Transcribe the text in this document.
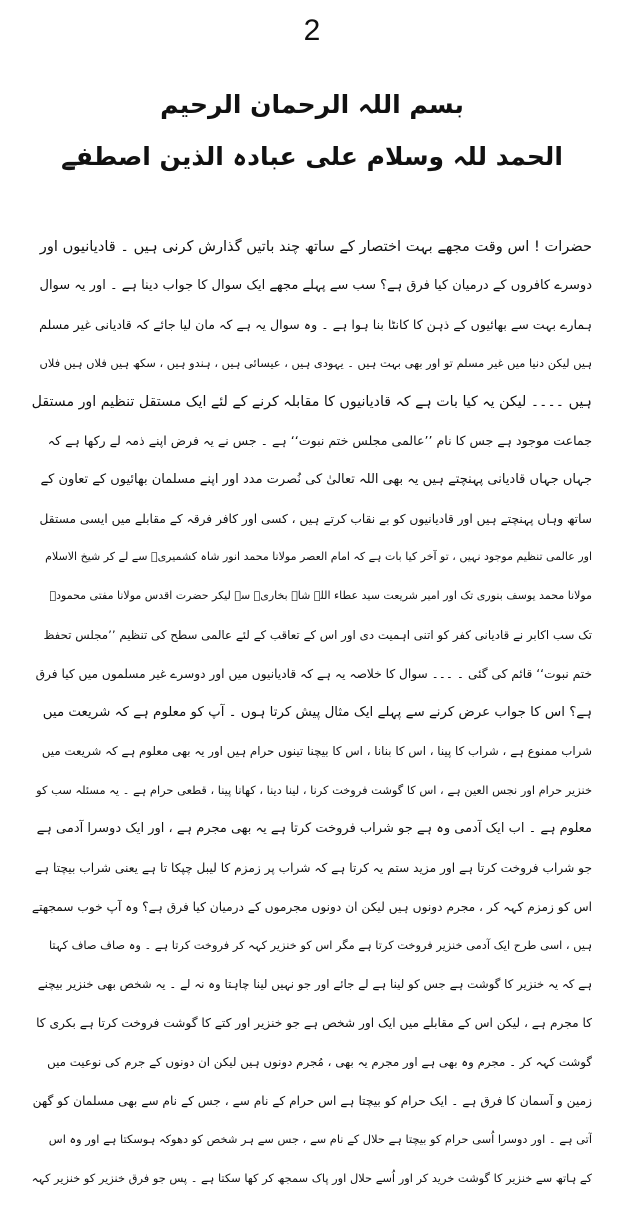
2
بسم اللہ الرحمان الرحیم
الحمد للہ وسلام علی عبادہ الذین اصطفے
حضرات ! اس وقت مجھے بہت اختصار کے ساتھ چند باتیں گذارش کرنی ہیں ۔ قادیانیوں اور
دوسرے کافروں کے درمیان کیا فرق ہے؟ سب سے پہلے مجھے ایک سوال کا جواب دینا ہے ۔ اور یہ سوال
ہمارے بہت سے بھائیوں کے ذہن کا کانٹا بنا ہوا ہے ۔ وہ سوال یہ ہے کہ مان لیا جائے کہ قادیانی غیر مسلم
ہیں لیکن دنیا میں غیر مسلم تو اور بھی بہت ہیں ۔ یہودی ہیں ، عیسائی ہیں ، ہندو ہیں ، سکھ ہیں فلاں ہیں فلاں
ہیں ۔۔۔۔ لیکن یہ کیا بات ہے کہ قادیانیوں کا مقابلہ کرنے کے لئے ایک مستقل تنظیم اور مستقل
جماعت موجود ہے جس کا نام ’’عالمی مجلس ختم نبوت‘‘ ہے ۔ جس نے یہ فرض اپنے ذمہ لے رکھا ہے کہ
جہاں جہاں قادیانی پہنچتے ہیں یہ بھی اللہ تعالیٰ کی نُصرت مدد اور اپنے مسلمان بھائیوں کے تعاون کے
ساتھ وہاں پہنچتے ہیں اور قادیانیوں کو بے نقاب کرتے ہیں ، کسی اور کافر فرقہ کے مقابلے میں ایسی مستقل
اور عالمی تنظیم موجود نہیں ، تو آخر کیا بات ہے کہ امام العصر مولانا محمد انور شاہ کشمیریؒ سے لے کر شیخ الاسلام
مولانا محمد یوسف بنوری تک اور امیر شریعت سید عطاء اللہ شاہ بخاریؒ سے لیکر حضرت اقدس مولانا مفتی محمودؒ
تک سب اکابر نے قادیانی کفر کو اتنی اہمیت دی اور اس کے تعاقب کے لئے عالمی سطح کی تنظیم ’’مجلس تحفظ
ختم نبوت‘‘ قائم کی گئی ۔ ۔۔۔ سوال کا خلاصہ یہ ہے کہ قادیانیوں میں اور دوسرے غیر مسلموں میں کیا فرق
ہے؟ اس کا جواب عرض کرنے سے پہلے ایک مثال پیش کرتا ہوں ۔ آپ کو معلوم ہے کہ شریعت میں
شراب ممنوع ہے ، شراب کا پینا ، اس کا بنانا ، اس کا بیچنا تینوں حرام ہیں اور یہ بھی معلوم ہے کہ شریعت میں
خنزیر حرام اور نجس العین ہے ، اس کا گوشت فروخت کرنا ، لینا دینا ، کھانا پینا ، قطعی حرام ہے ۔ یہ مسئلہ سب کو
معلوم ہے ۔ اب ایک آدمی وہ ہے جو شراب فروخت کرتا ہے یہ بھی مجرم ہے ، اور ایک دوسرا آدمی ہے
جو شراب فروخت کرتا ہے اور مزید ستم یہ کرتا ہے کہ شراب پر زمزم کا لیبل چپکا تا ہے یعنی شراب بیچتا ہے
اس کو زمزم کہہ کر ، مجرم دونوں ہیں لیکن ان دونوں مجرموں کے درمیان کیا فرق ہے؟ وہ آپ خوب سمجھتے
ہیں ، اسی طرح ایک آدمی خنزیر فروخت کرتا ہے مگر اس کو خنزیر کہہ کر فروخت کرتا ہے ۔ وہ صاف صاف کہتا
ہے کہ یہ خنزیر کا گوشت ہے جس کو لینا ہے لے جائے اور جو نہیں لینا چاہتا وہ نہ لے ۔ یہ شخص بھی خنزیر بیچنے
کا مجرم ہے ، لیکن اس کے مقابلے میں ایک اور شخص ہے جو خنزیر اور کتے کا گوشت فروخت کرتا ہے بکری کا
گوشت کہہ کر ۔ مجرم وہ بھی ہے اور مجرم یہ بھی ، مُجرم دونوں ہیں لیکن ان دونوں کے جرم کی نوعیت میں
زمین و آسمان کا فرق ہے ۔ ایک حرام کو بیچتا ہے اس حرام کے نام سے ، جس کے نام سے بھی مسلمان کو گھن
آتی ہے ۔ اور دوسرا اُسی حرام کو بیچتا ہے حلال کے نام سے ، جس سے ہر شخص کو دھوکہ ہوسکتا ہے اور وہ اس
کے ہاتھ سے خنزیر کا گوشت خرید کر اور اُسے حلال اور پاک سمجھ کر کھا سکتا ہے ۔ پس جو فرق خنزیر کو خنزیر کہہ
